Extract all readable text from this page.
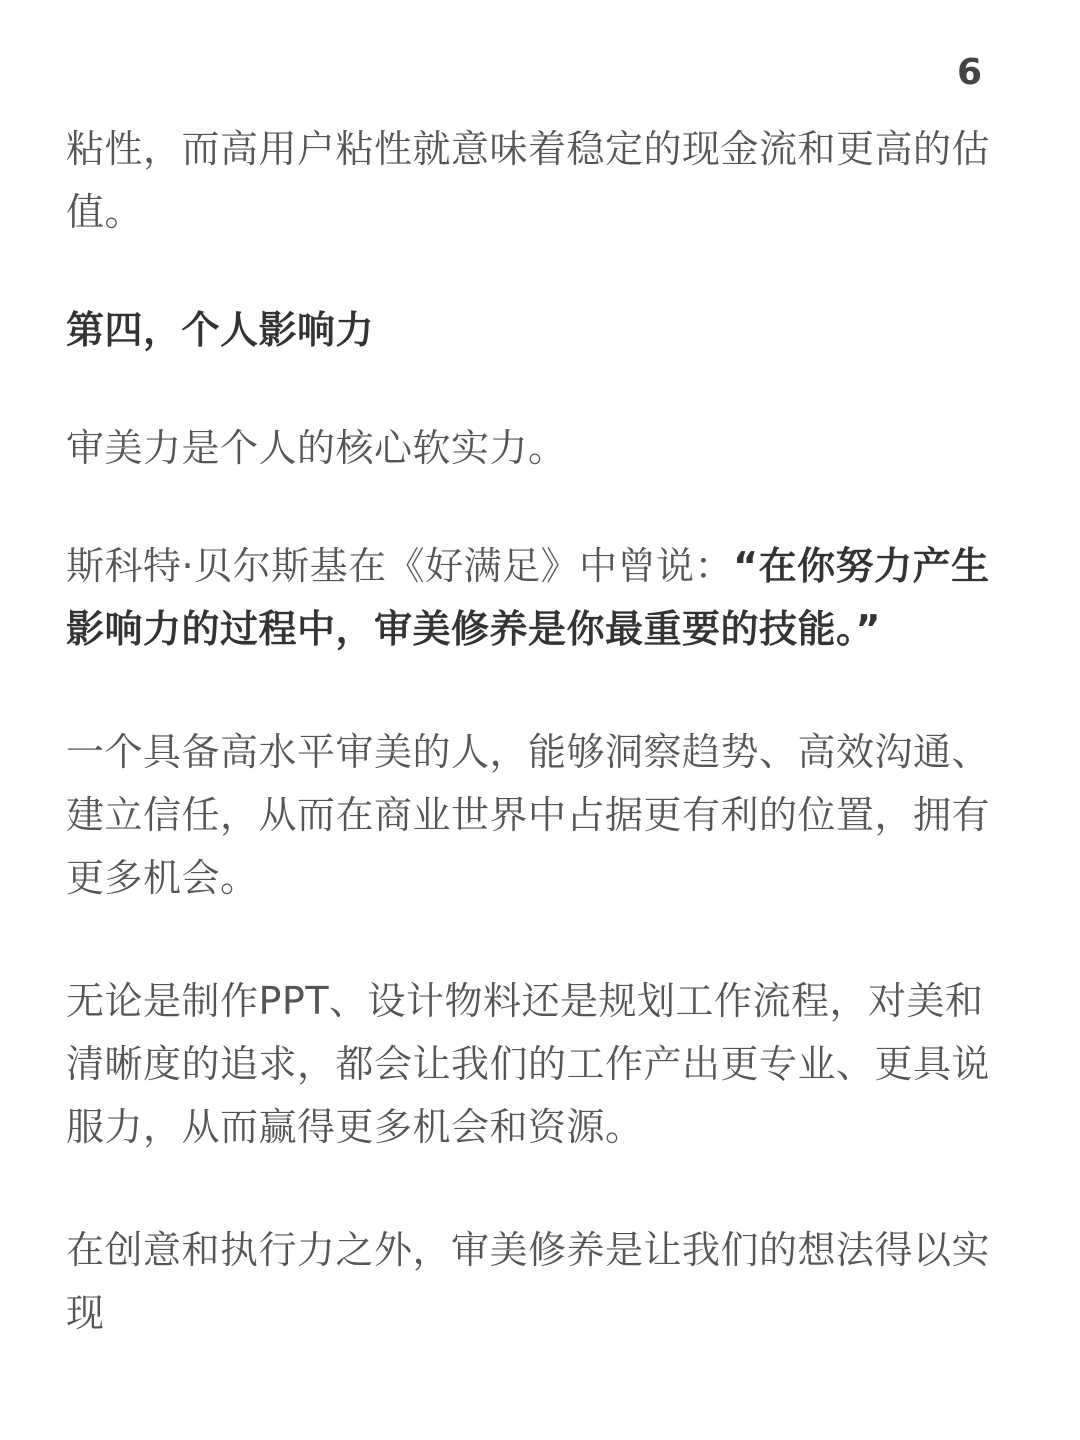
6

粘性，而高用户粘性就意味着稳定的现金流和更高的估值。

第四，个人影响力

审美力是个人的核心软实力。

斯科特·贝尔斯基在《好满足》中曾说：“在你努力产生影响力的过程中，审美修养是你最重要的技能。”

一个具备高水平审美的人，能够洞察趋势、高效沟通、建立信任，从而在商业世界中占据更有利的位置，拥有更多机会。

无论是制作PPT、设计物料还是规划工作流程，对美和清晰度的追求，都会让我们的工作产出更专业、更具说服力，从而赢得更多机会和资源。

在创意和执行力之外，审美修养是让我们的想法得以实现
